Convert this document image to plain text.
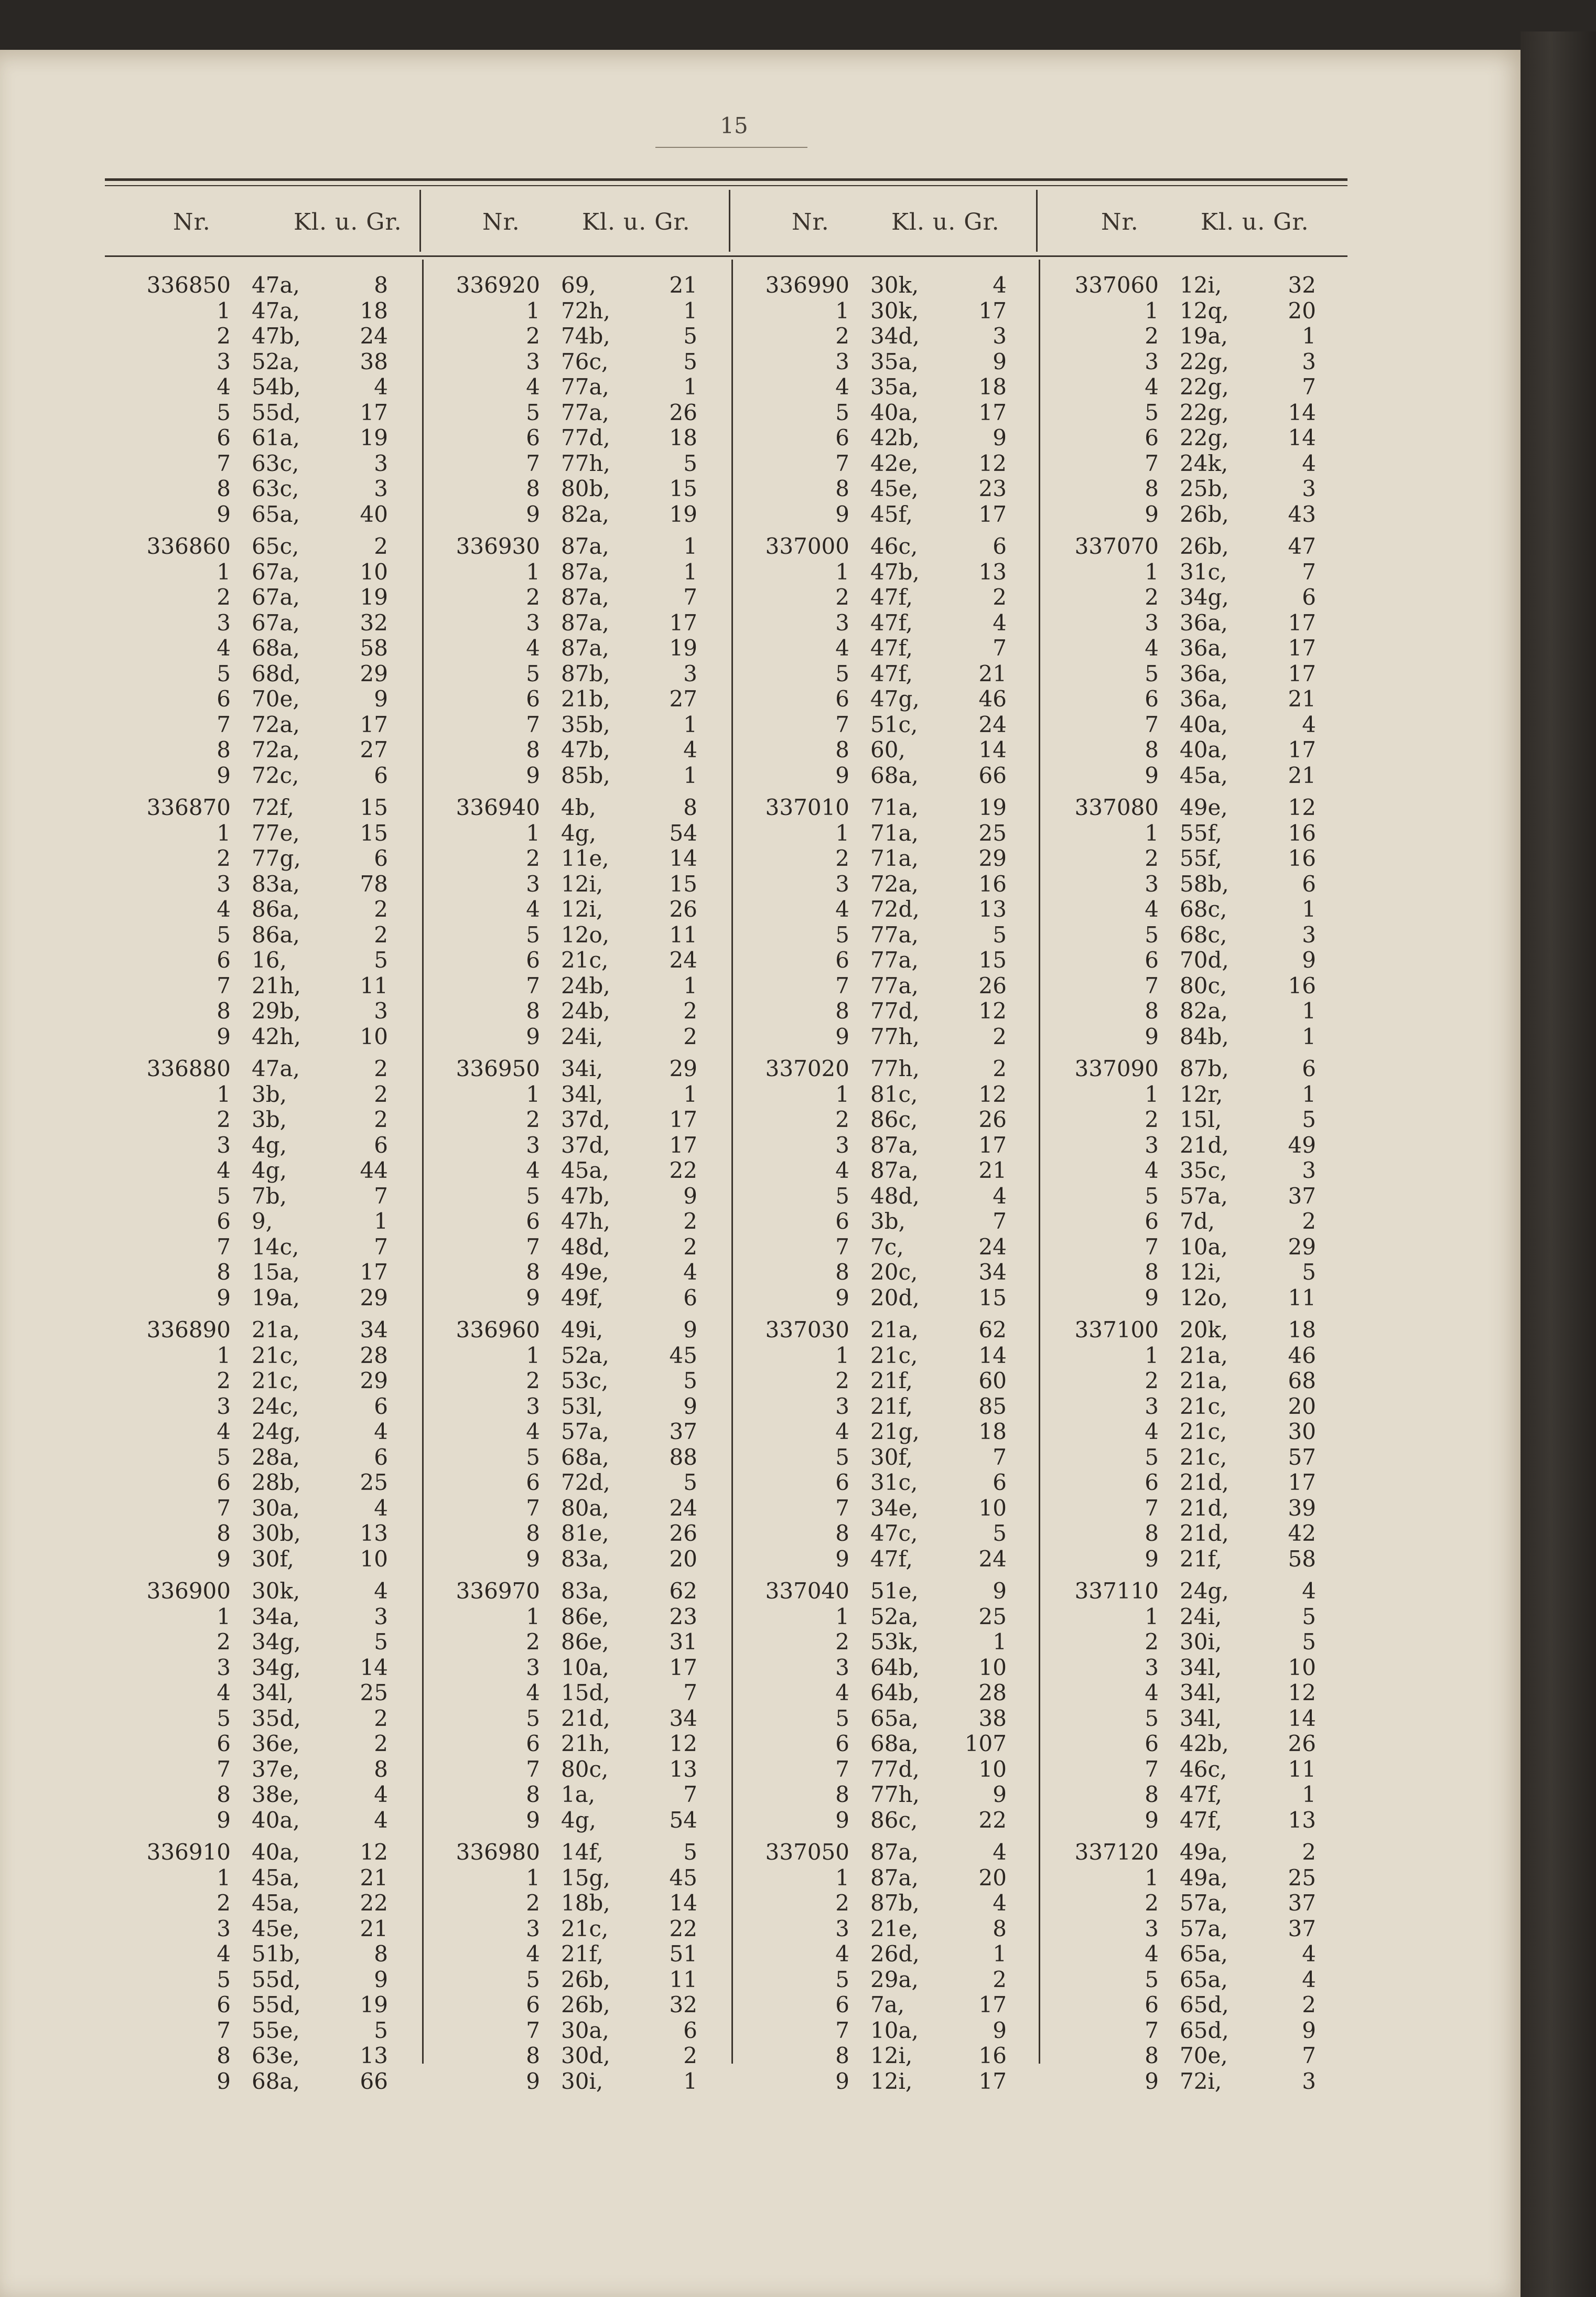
15
Nr.	Kl. u. Gr.	Nr.	Kl. u. Gr.	Nr.	Kl. u. Gr.	Nr.	Kl. u. Gr.
336850 47a,	8
1 47a,	18
2 47b,	24
3 52a,	38
4 54b,	4
5 55d,	17
6 61a,	19
7 63c,	3
8 63c,	3
9 65a,	40
336860 65c,	2
1 67a,	10
2 67a,	19
3 67a,	32
4 68a,	58
5 68d,	29
6 70e,	9
7 72a,	17
8 72a,	27
9 72c,	6
336870 72f,	15
1 77e,	15
2 77g,	6
3 83a,	78
4 86a,	2
5 86a,	2
6 16,	5
7 21h,	11
8 29b,	3
9 42h,	10
336880 47a,	2
1 3b,	2
2 3b,	2
3 4g,	6
4 4g,	44
5 7b,	7
6 9,	1
7 14c,	7
8 15a,	17
9 19a,	29
336890 21a,	34
1 21c,	28
2 21c,	29
3 24c,	6
4 24g,	4
5 28a,	6
6 28b,	25
7 30a,	4
8 30b,	13
9 30f,	10
336900 30k,	4
1 34a,	3
2 34g,	5
3 34g,	14
4 34l,	25
5 35d,	2
6 36e,	2
7 37e,	8
8 38e,	4
9 40a,	4
336910 40a,	12
1 45a,	21
2 45a,	22
3 45e,	21
4 51b,	8
5 55d,	9
6 55d,	19
7 55e,	5
8 63e,	13
9 68a,	66
336920 69,	21
1 72h,	1
2 74b,	5
3 76c,	5
4 77a,	1
5 77a,	26
6 77d,	18
7 77h,	5
8 80b,	15
9 82a,	19
336930 87a,	1
1 87a,	1
2 87a,	7
3 87a,	17
4 87a,	19
5 87b,	3
6 21b,	27
7 35b,	1
8 47b,	4
9 85b,	1
336940 4b,	8
1 4g,	54
2 11e,	14
3 12i,	15
4 12i,	26
5 12o,	11
6 21c,	24
7 24b,	1
8 24b,	2
9 24i,	2
336950 34i,	29
1 34l,	1
2 37d,	17
3 37d,	17
4 45a,	22
5 47b,	9
6 47h,	2
7 48d,	2
8 49e,	4
9 49f,	6
336960 49i,	9
1 52a,	45
2 53c,	5
3 53l,	9
4 57a,	37
5 68a,	88
6 72d,	5
7 80a,	24
8 81e,	26
9 83a,	20
336970 83a,	62
1 86e,	23
2 86e,	31
3 10a,	17
4 15d,	7
5 21d,	34
6 21h,	12
7 80c,	13
8 1a,	7
9 4g,	54
336980 14f,	5
1 15g,	45
2 18b,	14
3 21c,	22
4 21f,	51
5 26b,	11
6 26b,	32
7 30a,	6
8 30d,	2
9 30i,	1
336990 30k,	4
1 30k,	17
2 34d,	3
3 35a,	9
4 35a,	18
5 40a,	17
6 42b,	9
7 42e,	12
8 45e,	23
9 45f,	17
337000 46c,	6
1 47b,	13
2 47f,	2
3 47f,	4
4 47f,	7
5 47f,	21
6 47g,	46
7 51c,	24
8 60,	14
9 68a,	66
337010 71a,	19
1 71a,	25
2 71a,	29
3 72a,	16
4 72d,	13
5 77a,	5
6 77a,	15
7 77a,	26
8 77d,	12
9 77h,	2
337020 77h,	2
1 81c,	12
2 86c,	26
3 87a,	17
4 87a,	21
5 48d,	4
6 3b,	7
7 7c,	24
8 20c,	34
9 20d,	15
337030 21a,	62
1 21c,	14
2 21f,	60
3 21f,	85
4 21g,	18
5 30f,	7
6 31c,	6
7 34e,	10
8 47c,	5
9 47f,	24
337040 51e,	9
1 52a,	25
2 53k,	1
3 64b,	10
4 64b,	28
5 65a,	38
6 68a, 107
7 77d,	10
8 77h,	9
9 86c,	22
337050 87a,	4
1 87a,	20
2 87b,	4
3 21e,	8
4 26d,	1
5 29a,	2
6 7a,	17
7 10a,	9
8 12i,	16
9 12i,	17
337060 12i,	32
1 12q,	20
2 19a,	1
3 22g,	3
4 22g,	7
5 22g,	14
6 22g,	14
7 24k,	4
8 25b,	3
9 26b,	43
337070 26b,	47
1 31c,	7
2 34g,	6
3 36a,	17
4 36a,	17
5 36a,	17
6 36a,	21
7 40a,	4
8 40a,	17
9 45a,	21
337080 49e,	12
1 55f,	16
2 55f,	16
3 58b,	6
4 68c,	1
5 68c,	3
6 70d,	9
7 80c,	16
8 82a,	1
9 84b,	1
337090 87b,	6
1 12r,	1
2 15l,	5
3 21d,	49
4 35c,	3
5 57a,	37
6 7d,	2
7 10a,	29
8 12i,	5
9 12o,	11
337100 20k,	18
1 21a,	46
2 21a,	68
3 21c,	20
4 21c,	30
5 21c,	57
6 21d,	17
7 21d,	39
8 21d,	42
9 21f,	58
337110 24g,	4
1 24i,	5
2 30i,	5
3 34l,	10
4 34l,	12
5 34l,	14
6 42b,	26
7 46c,	11
8 47f,	1
9 47f,	13
337120 49a,	2
1 49a,	25
2 57a,	37
3 57a,	37
4 65a,	4
5 65a,	4
6 65d,	2
7 65d,	9
8 70e,	7
9 72i,	3
